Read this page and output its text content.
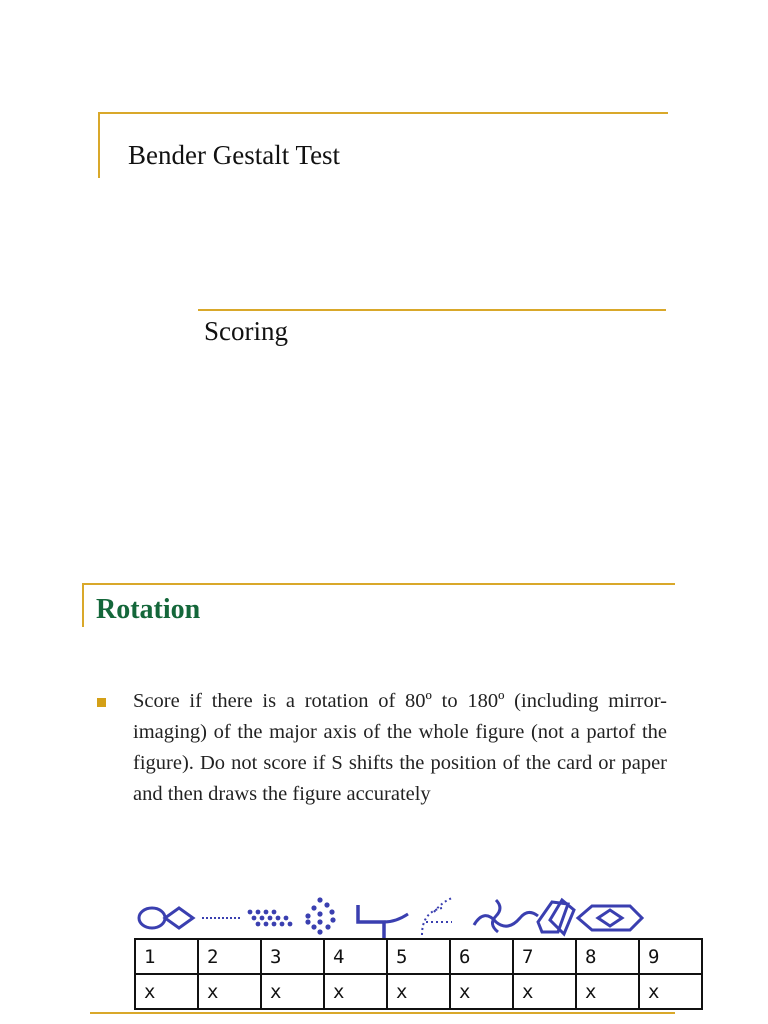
Bender Gestalt Test
Scoring
Rotation
Score if there is a rotation of 80º to 180º (including mirror-imaging) of the major axis of the whole figure (not a partof the figure). Do not score if S shifts the position of the card or paper and then draws the figure accurately
1	2	3	4	5	6	7	8	9
x	x	x	x	x	x	x	x	x
